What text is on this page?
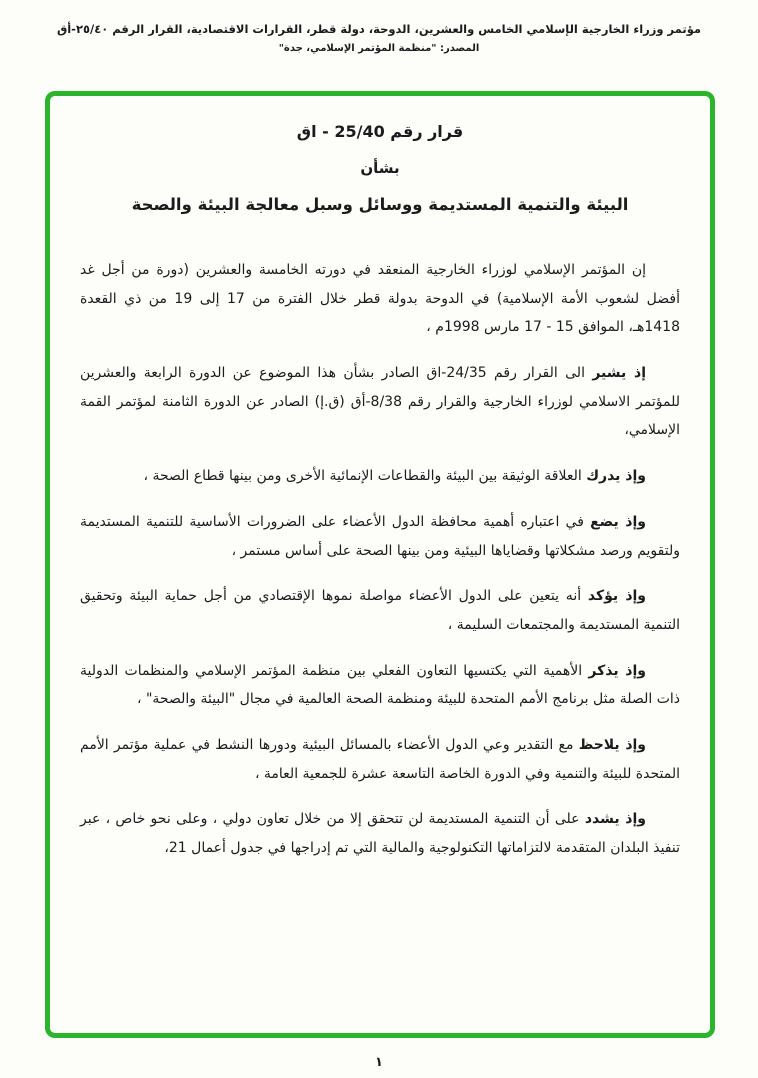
مؤتمر وزراء الخارجية الإسلامي الخامس والعشرين، الدوحة، دولة قطر، القرارات الاقتصادية، القرار الرقم ٢٥/٤٠-أق
المصدر: "منظمة المؤتمر الإسلامي، جدة"
قرار رقم 25/40 - اق
بشأن
البيئة والتنمية المستديمة ووسائل وسبل معالجة البيئة والصحة

إن المؤتمر الإسلامي لوزراء الخارجية المنعقد في دورته الخامسة والعشرين (دورة من أجل غد أفضل لشعوب الأمة الإسلامية) في الدوحة بدولة قطر خلال الفترة من 17 إلى 19 من ذي القعدة 1418هـ، الموافق 15 - 17 مارس 1998م ،

إذ يشير الى القرار رقم 24/35-اق الصادر بشأن هذا الموضوع عن الدورة الرابعة والعشرين للمؤتمر الاسلامي لوزراء الخارجية والقرار رقم 8/38-أق (ق.إ) الصادر عن الدورة الثامنة لمؤتمر القمة الإسلامي،

وإذ يدرك العلاقة الوثيقة بين البيئة والقطاعات الإنمائية الأخرى ومن بينها قطاع الصحة ،

وإذ يضع في اعتباره أهمية محافظة الدول الأعضاء على الضرورات الأساسية للتنمية المستديمة ولتقويم ورصد مشكلاتها وقضاياها البيئية ومن بينها الصحة على أساس مستمر ،

وإذ يؤكد أنه يتعين على الدول الأعضاء مواصلة نموها الإقتصادي من أجل حماية البيئة وتحقيق التنمية المستديمة والمجتمعات السليمة ،

وإذ يذكر الأهمية التي يكتسيها التعاون الفعلي بين منظمة المؤتمر الإسلامي والمنظمات الدولية ذات الصلة مثل برنامج الأمم المتحدة للبيئة ومنظمة الصحة العالمية في مجال "البيئة والصحة" ،

وإذ يلاحظ مع التقدير وعي الدول الأعضاء بالمسائل البيئية ودورها النشط في عملية مؤتمر الأمم المتحدة للبيئة والتنمية وفي الدورة الخاصة التاسعة عشرة للجمعية العامة ،

وإذ يشدد على أن التنمية المستديمة لن تتحقق إلا من خلال تعاون دولي ، وعلى نحو خاص ، عبر تنفيذ البلدان المتقدمة لالتزاماتها التكنولوجية والمالية التي تم إدراجها في جدول أعمال 21،

١
